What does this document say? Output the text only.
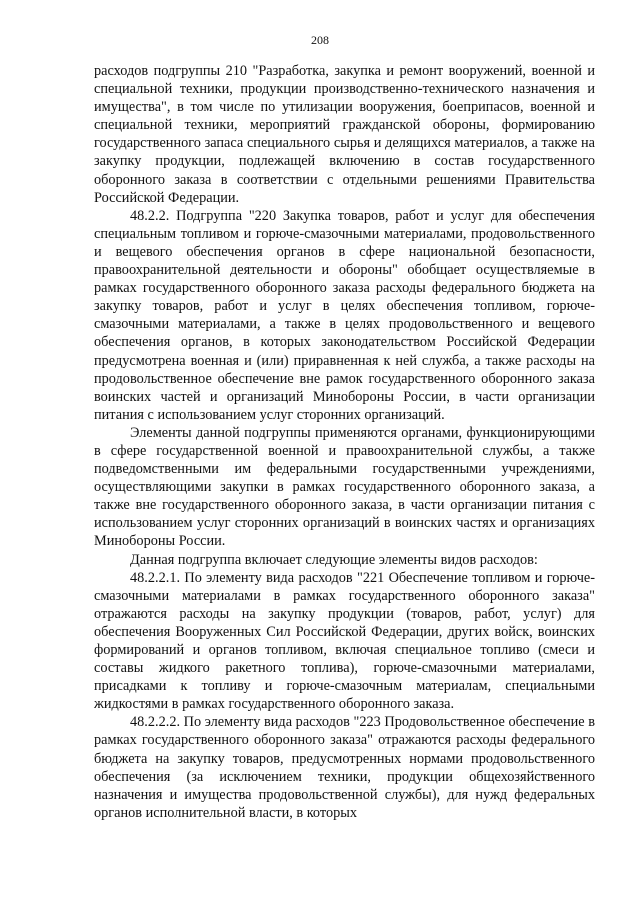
208

расходов подгруппы 210 "Разработка, закупка и ремонт вооружений, военной и специальной техники, продукции производственно-технического назначения и имущества", в том числе по утилизации вооружения, боеприпасов, военной и специальной техники, мероприятий гражданской обороны, формированию государственного запаса специального сырья и делящихся материалов, а также на закупку продукции, подлежащей включению в состав государственного оборонного заказа в соответствии с отдельными решениями Правительства Российской Федерации.

48.2.2. Подгруппа "220 Закупка товаров, работ и услуг для обеспечения специальным топливом и горюче-смазочными материалами, продовольственного и вещевого обеспечения органов в сфере национальной безопасности, правоохранительной деятельности и обороны" обобщает осуществляемые в рамках государственного оборонного заказа расходы федерального бюджета на закупку товаров, работ и услуг в целях обеспечения топливом, горюче-смазочными материалами, а также в целях продовольственного и вещевого обеспечения органов, в которых законодательством Российской Федерации предусмотрена военная и (или) приравненная к ней служба, а также расходы на продовольственное обеспечение вне рамок государственного оборонного заказа воинских частей и организаций Минобороны России, в части организации питания с использованием услуг сторонних организаций.

Элементы данной подгруппы применяются органами, функционирующими в сфере государственной военной и правоохранительной службы, а также подведомственными им федеральными государственными учреждениями, осуществляющими закупки в рамках государственного оборонного заказа, а также вне государственного оборонного заказа, в части организации питания с использованием услуг сторонних организаций в воинских частях и организациях Минобороны России.

Данная подгруппа включает следующие элементы видов расходов:

48.2.2.1. По элементу вида расходов "221 Обеспечение топливом и горюче-смазочными материалами в рамках государственного оборонного заказа" отражаются расходы на закупку продукции (товаров, работ, услуг) для обеспечения Вооруженных Сил Российской Федерации, других войск, воинских формирований и органов топливом, включая специальное топливо (смеси и составы жидкого ракетного топлива), горюче-смазочными материалами, присадками к топливу и горюче-смазочным материалам, специальными жидкостями в рамках государственного оборонного заказа.

48.2.2.2. По элементу вида расходов "223 Продовольственное обеспечение в рамках государственного оборонного заказа" отражаются расходы федерального бюджета на закупку товаров, предусмотренных нормами продовольственного обеспечения (за исключением техники, продукции общехозяйственного назначения и имущества продовольственной службы), для нужд федеральных органов исполнительной власти, в которых
